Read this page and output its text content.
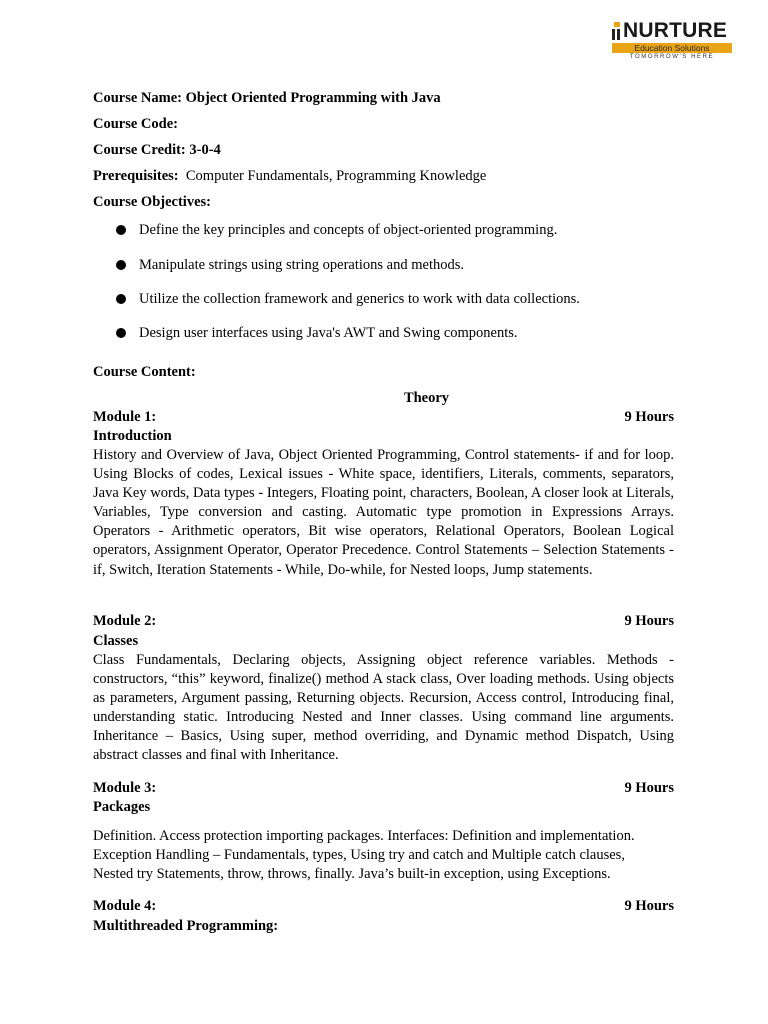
NURTURE
Education Solutions
TOMORROW'S HERE
Course Name: Object Oriented Programming with Java
Course Code:
Course Credit: 3-0-4
Prerequisites: Computer Fundamentals, Programming Knowledge
Course Objectives:
Define the key principles and concepts of object-oriented programming.
Manipulate strings using string operations and methods.
Utilize the collection framework and generics to work with data collections.
Design user interfaces using Java's AWT and Swing components.
Course Content:
Theory
Module 1:	9 Hours
Introduction
History and Overview of Java, Object Oriented Programming, Control statements- if and for loop. Using Blocks of codes, Lexical issues - White space, identifiers, Literals, comments, separators, Java Key words, Data types - Integers, Floating point, characters, Boolean, A closer look at Literals, Variables, Type conversion and casting. Automatic type promotion in Expressions Arrays. Operators - Arithmetic operators, Bit wise operators, Relational Operators, Boolean Logical operators, Assignment Operator, Operator Precedence. Control Statements – Selection Statements - if, Switch, Iteration Statements - While, Do-while, for Nested loops, Jump statements.
Module 2:	9 Hours
Classes
Class Fundamentals, Declaring objects, Assigning object reference variables. Methods - constructors, “this” keyword, finalize() method A stack class, Over loading methods. Using objects as parameters, Argument passing, Returning objects. Recursion, Access control, Introducing final, understanding static. Introducing Nested and Inner classes. Using command line arguments. Inheritance – Basics, Using super, method overriding, and Dynamic method Dispatch, Using abstract classes and final with Inheritance.
Module 3:	9 Hours
Packages
Definition. Access protection importing packages. Interfaces: Definition and implementation.
Exception Handling – Fundamentals, types, Using try and catch and Multiple catch clauses,
Nested try Statements, throw, throws, finally. Java’s built-in exception, using Exceptions.
Module 4:	9 Hours
Multithreaded Programming:
